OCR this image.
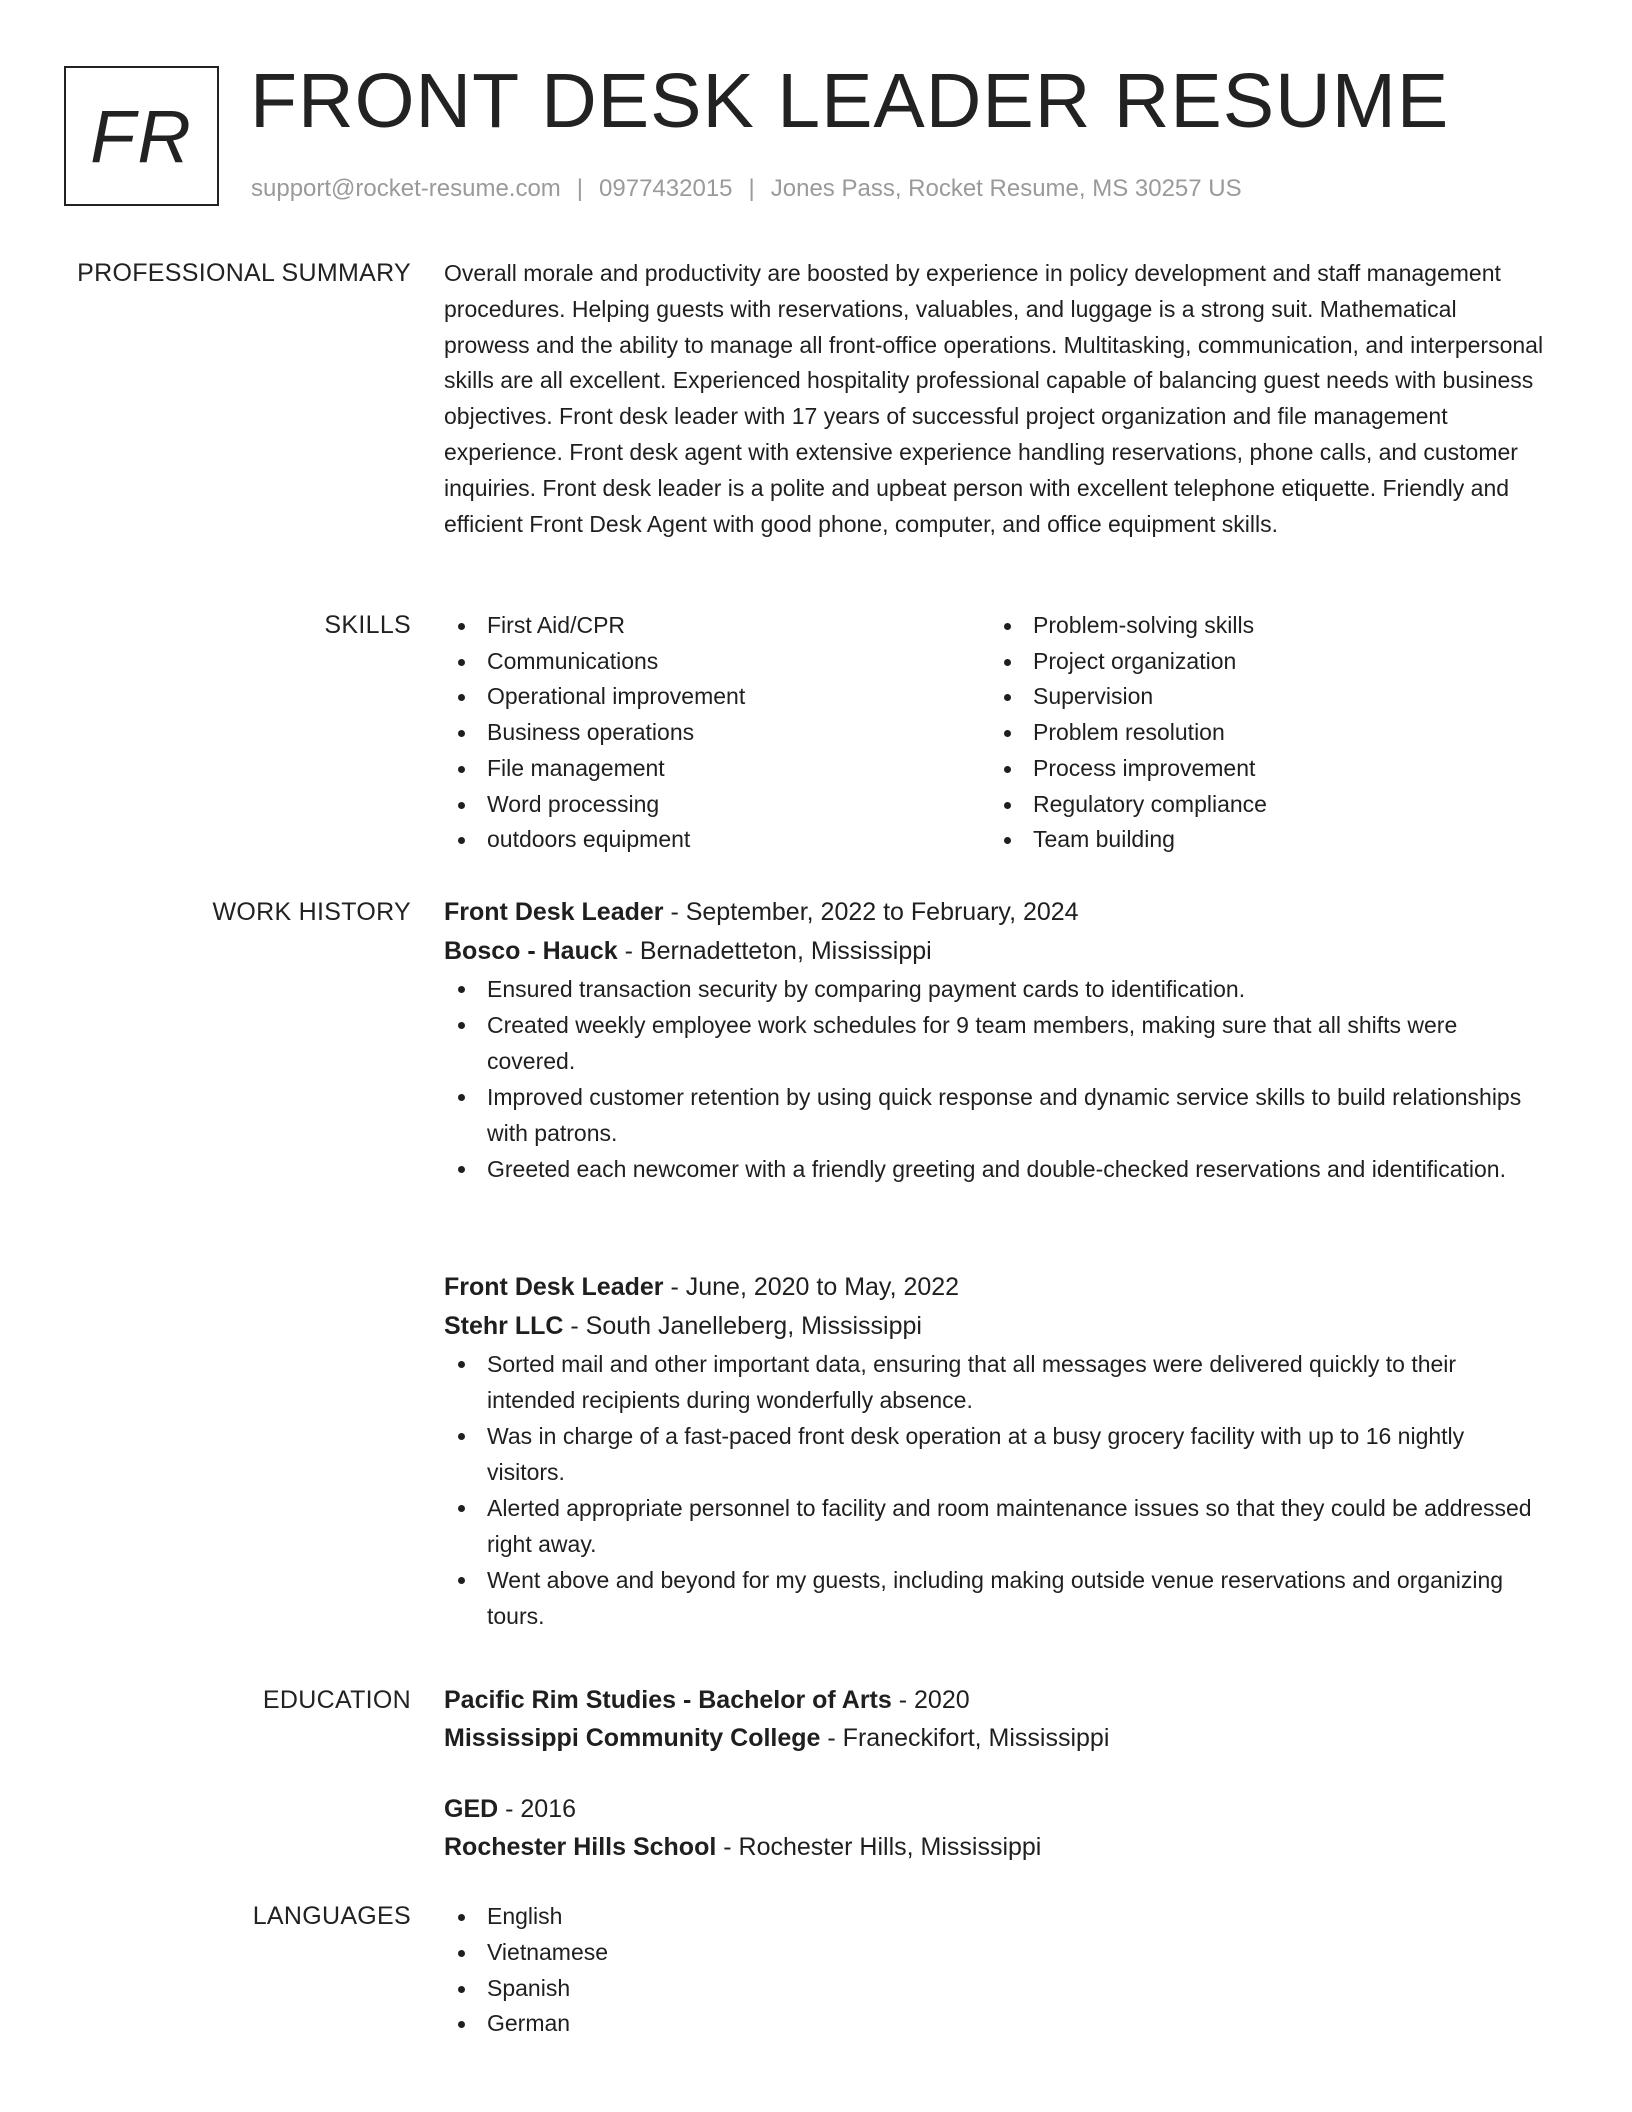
FR FRONT DESK LEADER RESUME
support@rocket-resume.com | 0977432015 | Jones Pass, Rocket Resume, MS 30257 US
PROFESSIONAL SUMMARY Overall morale and productivity are boosted by experience in policy development and staff management procedures. Helping guests with reservations, valuables, and luggage is a strong suit. Mathematical prowess and the ability to manage all front-office operations. Multitasking, communication, and interpersonal skills are all excellent. Experienced hospitality professional capable of balancing guest needs with business objectives. Front desk leader with 17 years of successful project organization and file management experience. Front desk agent with extensive experience handling reservations, phone calls, and customer inquiries. Front desk leader is a polite and upbeat person with excellent telephone etiquette. Friendly and efficient Front Desk Agent with good phone, computer, and office equipment skills.

SKILLS	First Aid/CPR
Communications
Operational improvement
Business operations
File management
Word processing
outdoors equipment
Problem-solving skills
Project organization
Supervision
Problem resolution
Process improvement
Regulatory compliance
Team building
WORK HISTORY Front Desk Leader - September, 2022 to February, 2024
Bosco - Hauck - Bernadetteton, Mississippi
Ensured transaction security by comparing payment cards to identification.
Created weekly employee work schedules for 9 team members, making sure that all shifts were covered.
Improved customer retention by using quick response and dynamic service skills to build relationships with patrons.
Greeted each newcomer with a friendly greeting and double-checked reservations and identification.
Front Desk Leader - June, 2020 to May, 2022
Stehr LLC - South Janelleberg, Mississippi
Sorted mail and other important data, ensuring that all messages were delivered quickly to their intended recipients during wonderfully absence.
Was in charge of a fast-paced front desk operation at a busy grocery facility with up to 16 nightly visitors.
Alerted appropriate personnel to facility and room maintenance issues so that they could be addressed right away.
Went above and beyond for my guests, including making outside venue reservations and organizing tours.
EDUCATION Pacific Rim Studies - Bachelor of Arts - 2020
Mississippi Community College - Franeckifort, Mississippi
GED - 2016
Rochester Hills School - Rochester Hills, Mississippi
LANGUAGES	English
Vietnamese
Spanish
German
